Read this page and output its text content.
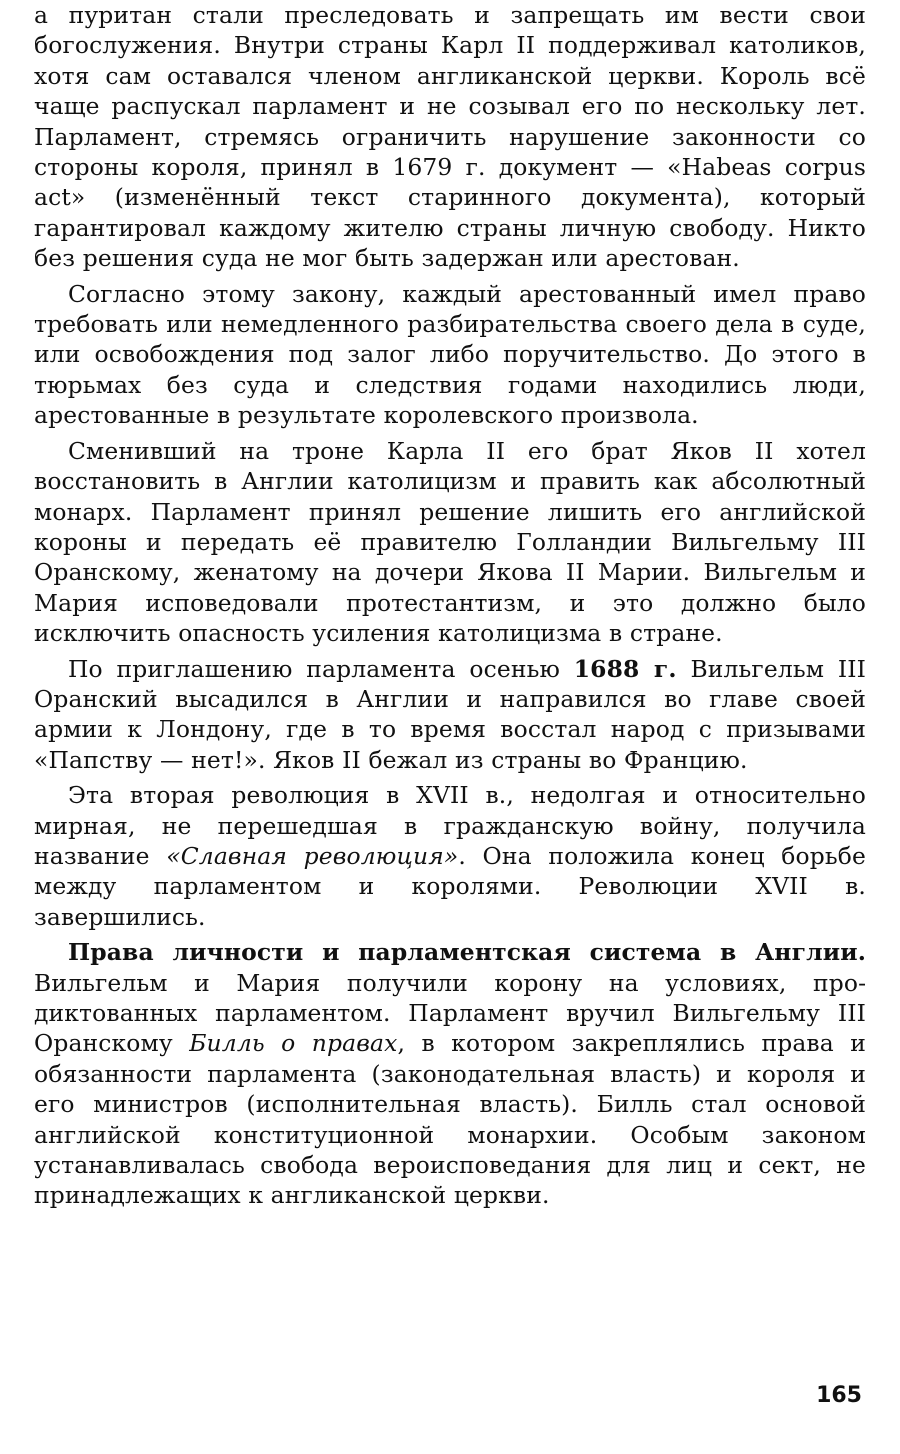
а пуритан стали преследовать и запрещать им вести свои богослужения. Внутри страны Карл II поддерживал католиков, хотя сам оставался членом англиканской церкви. Король всё чаще распускал парламент и не созывал его по нескольку лет. Парламент, стремясь ограничить нарушение законности со стороны короля, принял в 1679 г. документ — «Habeas corpus act» (изменённый текст старинного документа), который гарантировал каждому жителю страны личную свободу. Никто без решения суда не мог быть задержан или арестован.

Согласно этому закону, каждый арестованный имел право требовать или немедленного разбирательства своего дела в суде, или освобождения под залог либо поручительство. До этого в тюрьмах без суда и следствия годами находились люди, арестованные в результате королевского произвола.

Сменивший на троне Карла II его брат Яков II хотел восстановить в Англии католицизм и править как абсолютный монарх. Парламент принял решение лишить его английской короны и передать её правителю Голландии Вильгельму III Оранскому, женатому на дочери Якова II Марии. Вильгельм и Мария исповедовали протестантизм, и это должно было исключить опасность усиления католицизма в стране.

По приглашению парламента осенью 1688 г. Вильгельм III Оранский высадился в Англии и направился во главе своей армии к Лондону, где в то время восстал народ с призывами «Папству — нет!». Яков II бежал из страны во Францию.

Эта вторая революция в XVII в., недолгая и относительно мирная, не перешедшая в гражданскую войну, получила название «Славная революция». Она положила конец борьбе между парламентом и королями. Революции XVII в. завершились.

Права личности и парламентская система в Англии. Вильгельм и Мария получили корону на условиях, продиктованных парламентом. Парламент вручил Вильгельму III Оранскому Билль о правах, в котором закреплялись права и обязанности парламента (законодательная власть) и короля и его министров (исполнительная власть). Билль стал основой английской конституционной монархии. Особым законом устанавливалась свобода вероисповедания для лиц и сект, не принадлежащих к англиканской церкви.

165
